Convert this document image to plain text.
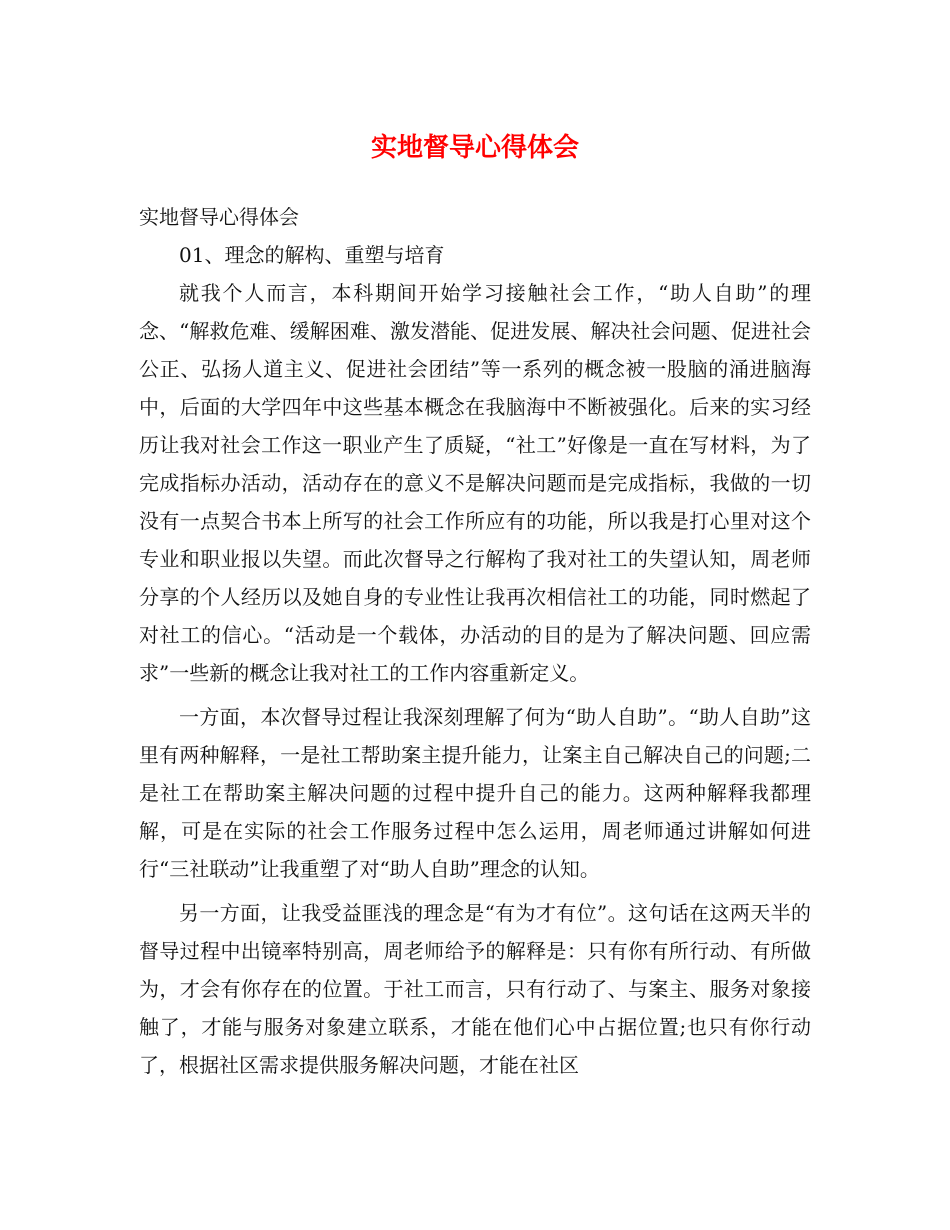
实地督导心得体会

实地督导心得体会

01、理念的解构、重塑与培育

就我个人而言，本科期间开始学习接触社会工作，“助人自助”的理念、“解救危难、缓解困难、激发潜能、促进发展、解决社会问题、促进社会公正、弘扬人道主义、促进社会团结”等一系列的概念被一股脑的涌进脑海中，后面的大学四年中这些基本概念在我脑海中不断被强化。后来的实习经历让我对社会工作这一职业产生了质疑，“社工”好像是一直在写材料，为了完成指标办活动，活动存在的意义不是解决问题而是完成指标，我做的一切没有一点契合书本上所写的社会工作所应有的功能，所以我是打心里对这个专业和职业报以失望。而此次督导之行解构了我对社工的失望认知，周老师分享的个人经历以及她自身的专业性让我再次相信社工的功能，同时燃起了对社工的信心。“活动是一个载体，办活动的目的是为了解决问题、回应需求”一些新的概念让我对社工的工作内容重新定义。

一方面，本次督导过程让我深刻理解了何为“助人自助”。“助人自助”这里有两种解释，一是社工帮助案主提升能力，让案主自己解决自己的问题;二是社工在帮助案主解决问题的过程中提升自己的能力。这两种解释我都理解，可是在实际的社会工作服务过程中怎么运用，周老师通过讲解如何进行“三社联动”让我重塑了对“助人自助”理念的认知。

另一方面，让我受益匪浅的理念是“有为才有位”。这句话在这两天半的督导过程中出镜率特别高，周老师给予的解释是：只有你有所行动、有所做为，才会有你存在的位置。于社工而言，只有行动了、与案主、服务对象接触了，才能与服务对象建立联系，才能在他们心中占据位置;也只有你行动了，根据社区需求提供服务解决问题，才能在社区
